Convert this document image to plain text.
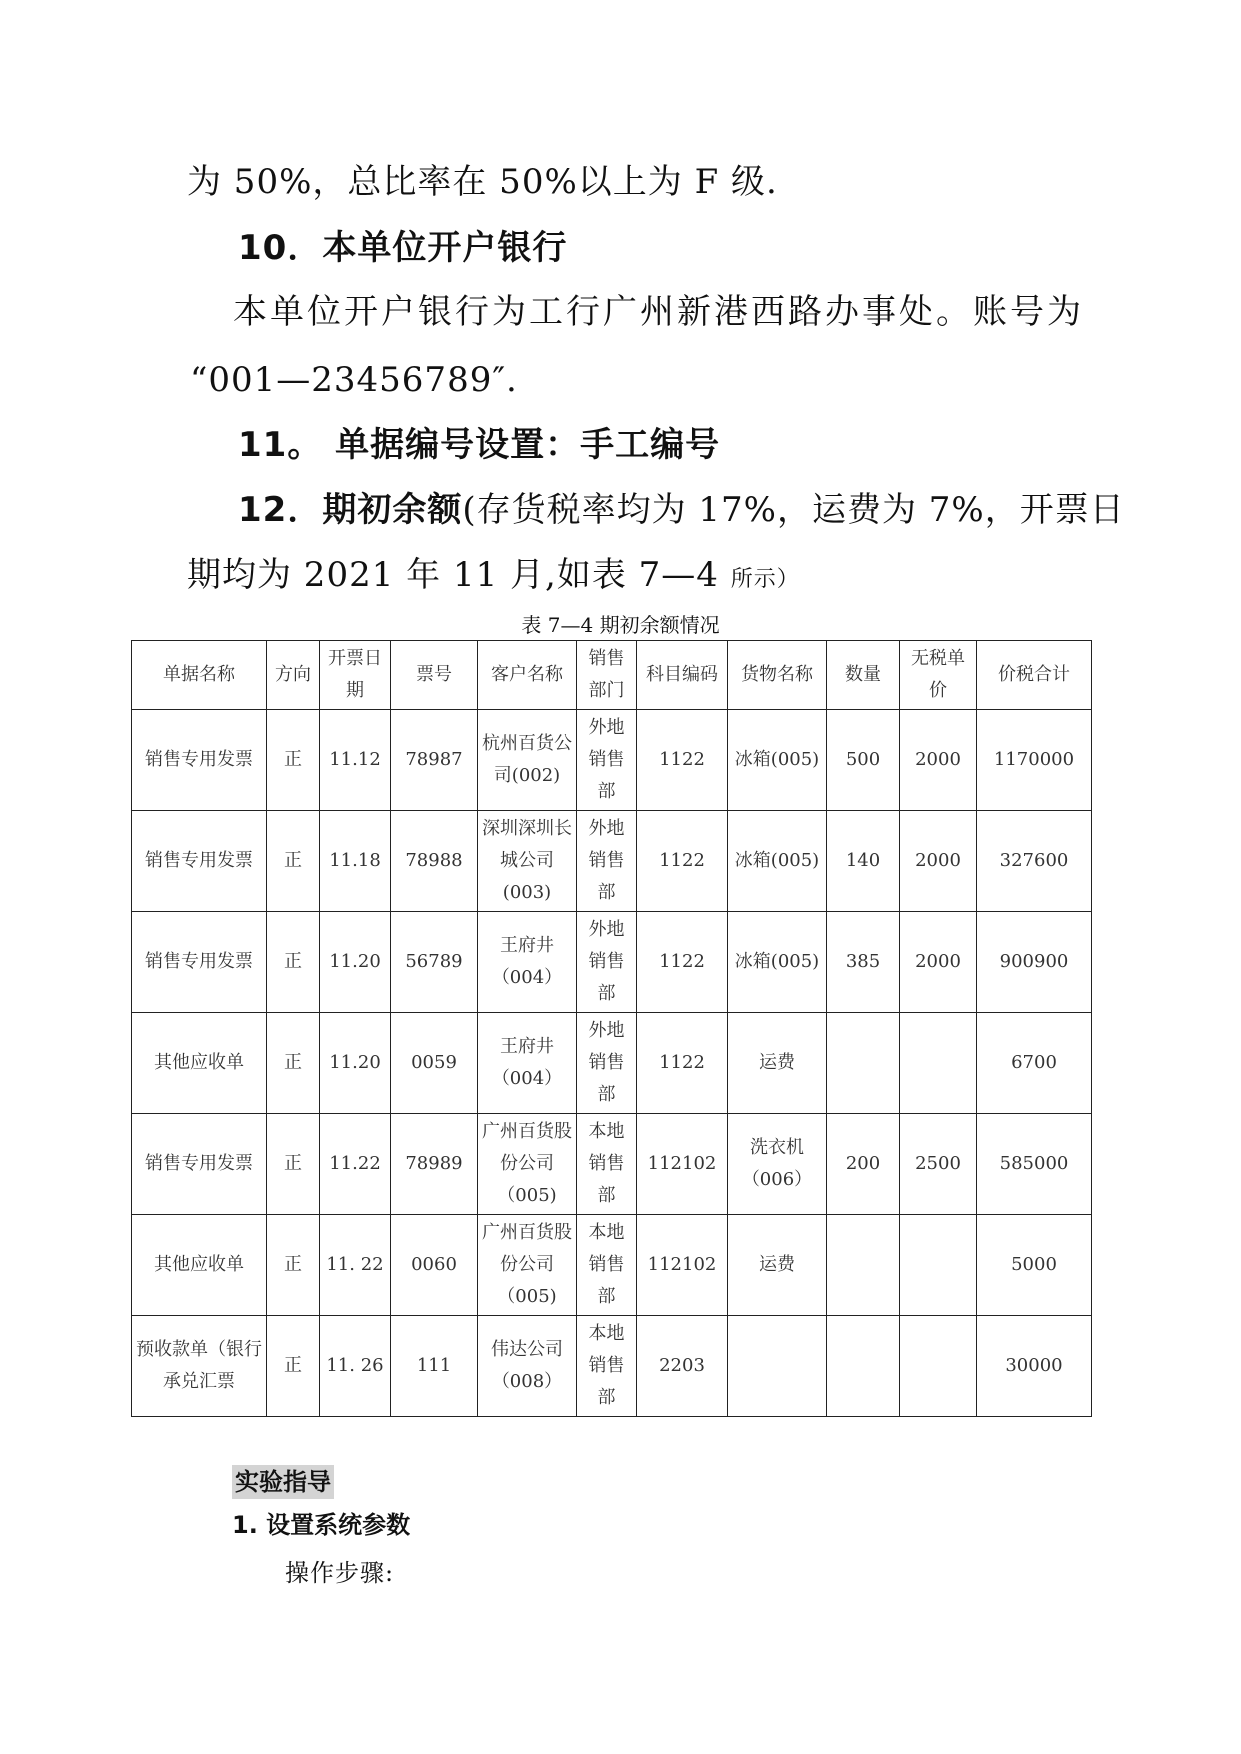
为 50%，总比率在 50%以上为 F 级.
10．本单位开户银行
本单位开户银行为工行广州新港西路办事处。账号为
“001—23456789″.
11。 单据编号设置：手工编号
12．期初余额(存货税率均为 17%，运费为 7%，开票日
期均为 2021 年 11 月,如表 7—4 所示）
表 7—4 期初余额情况
单据名称	方向	开票日期	票号	客户名称	销售部门	科目编码	货物名称	数量	无税单价	价税合计
销售专用发票	正	11.12	78987	杭州百货公司(002)	外地销售部	1122	冰箱(005)	500	2000	1170000
销售专用发票	正	11.18	78988	深圳深圳长城公司(003)	外地销售部	1122	冰箱(005)	140	2000	327600
销售专用发票	正	11.20	56789	王府井（004）	外地销售部	1122	冰箱(005)	385	2000	900900
其他应收单	正	11.20	0059	王府井（004）	外地销售部	1122	运费			6700
销售专用发票	正	11.22	78989	广州百货股份公司（005)	本地销售部	112102	洗衣机（006）	200	2500	585000
其他应收单	正	11. 22	0060	广州百货股份公司（005)	本地销售部	112102	运费			5000
预收款单（银行承兑汇票	正	11. 26	111	伟达公司（008）	本地销售部	2203				30000
实验指导
1. 设置系统参数
操作步骤:
